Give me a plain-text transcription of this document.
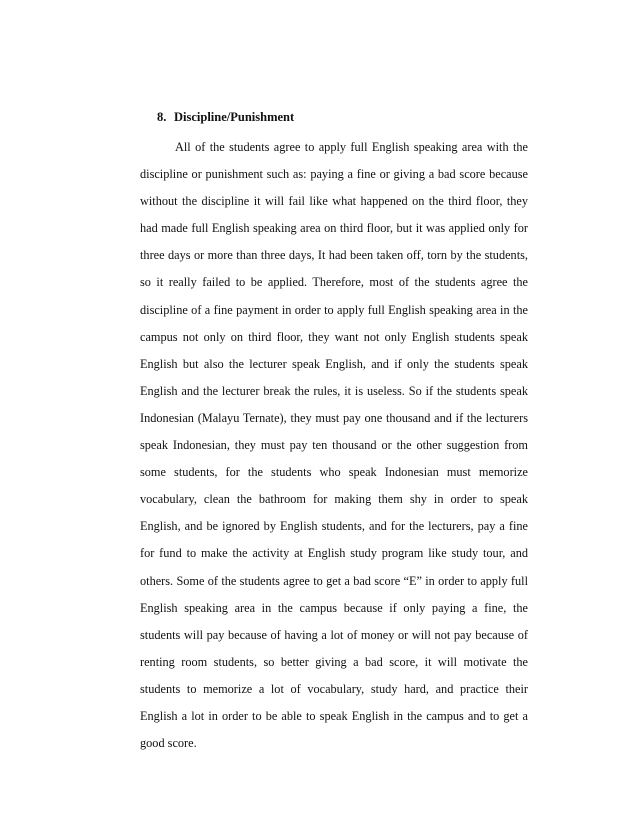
8. Discipline/Punishment

All of the students agree to apply full English speaking area with the discipline or punishment such as: paying a fine or giving a bad score because without the discipline it will fail like what happened on the third floor, they had made full English speaking area on third floor, but it was applied only for three days or more than three days, It had been taken off, torn by the students, so it really failed to be applied. Therefore, most of the students agree the discipline of a fine payment in order to apply full English speaking area in the campus not only on third floor, they want not only English students speak English but also the lecturer speak English, and if only the students speak English and the lecturer break the rules, it is useless. So if the students speak Indonesian (Malayu Ternate), they must pay one thousand and if the lecturers speak Indonesian, they must pay ten thousand or the other suggestion from some students, for the students who speak Indonesian must memorize vocabulary, clean the bathroom for making them shy in order to speak English, and be ignored by English students, and for the lecturers, pay a fine for fund to make the activity at English study program like study tour, and others. Some of the students agree to get a bad score “E” in order to apply full English speaking area in the campus because if only paying a fine, the students will pay because of having a lot of money or will not pay because of renting room students, so better giving a bad score, it will motivate the students to memorize a lot of vocabulary, study hard, and practice their English a lot in order to be able to speak English in the campus and to get a good score.
